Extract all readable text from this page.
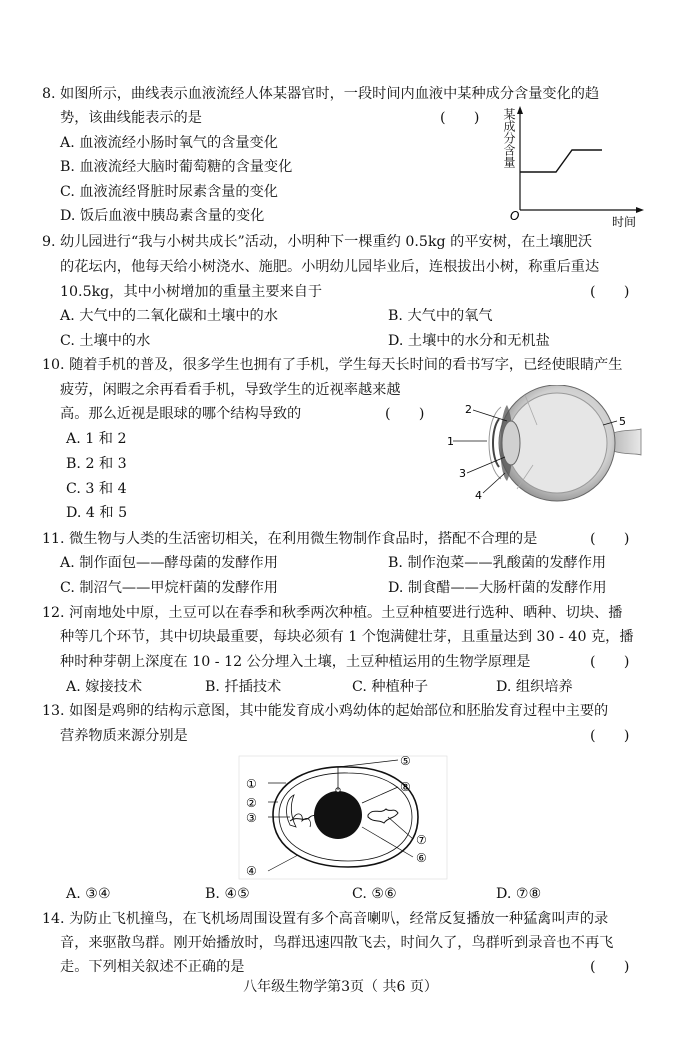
8. 如图所示，曲线表示血液流经人体某器官时，一段时间内血液中某种成分含量变化的趋
势，该曲线能表示的是	(　　)
A. 血液流经小肠时氧气的含量变化
B. 血液流经大脑时葡萄糖的含量变化
C. 血液流经肾脏时尿素含量的变化
D. 饭后血液中胰岛素含量的变化
某成分含量
O	时间
9. 幼儿园进行“我与小树共成长”活动，小明种下一棵重约 0.5kg 的平安树，在土壤肥沃
的花坛内，他每天给小树浇水、施肥。小明幼儿园毕业后，连根拔出小树，称重后重达
10.5kg，其中小树增加的重量主要来自于	(　　)
A. 大气中的二氧化碳和土壤中的水	B. 大气中的氧气
C. 土壤中的水	D. 土壤中的水分和无机盐
10. 随着手机的普及，很多学生也拥有了手机，学生每天长时间的看书写字，已经使眼睛产生
疲劳，闲暇之余再看看手机，导致学生的近视率越来越
高。那么近视是眼球的哪个结构导致的	(　　)
A. 1 和 2
B. 2 和 3
C. 3 和 4
D. 4 和 5
1
2
3
4
5
11. 微生物与人类的生活密切相关，在利用微生物制作食品时，搭配不合理的是	(　　)
A. 制作面包——酵母菌的发酵作用	B. 制作泡菜——乳酸菌的发酵作用
C. 制沼气——甲烷杆菌的发酵作用	D. 制食醋——大肠杆菌的发酵作用
12. 河南地处中原，土豆可以在春季和秋季两次种植。土豆种植要进行选种、晒种、切块、播
种等几个环节，其中切块最重要，每块必须有 1 个饱满健壮芽，且重量达到 30 - 40 克，播
种时种芽朝上深度在 10 - 12 公分埋入土壤，土豆种植运用的生物学原理是	(　　)
A. 嫁接技术	B. 扦插技术	C. 种植种子	D. 组织培养
13. 如图是鸡卵的结构示意图，其中能发育成小鸡幼体的起始部位和胚胎发育过程中主要的
营养物质来源分别是	(　　)
①
②
③
④
⑤
⑥
⑦
⑧
A. ③④	B. ④⑤	C. ⑤⑥	D. ⑦⑧
14. 为防止飞机撞鸟，在飞机场周围设置有多个高音喇叭，经常反复播放一种猛禽叫声的录
音，来驱散鸟群。刚开始播放时，鸟群迅速四散飞去，时间久了，鸟群听到录音也不再飞
走。下列相关叙述不正确的是	(　　)
八年级生物学第3页（ 共6 页）
